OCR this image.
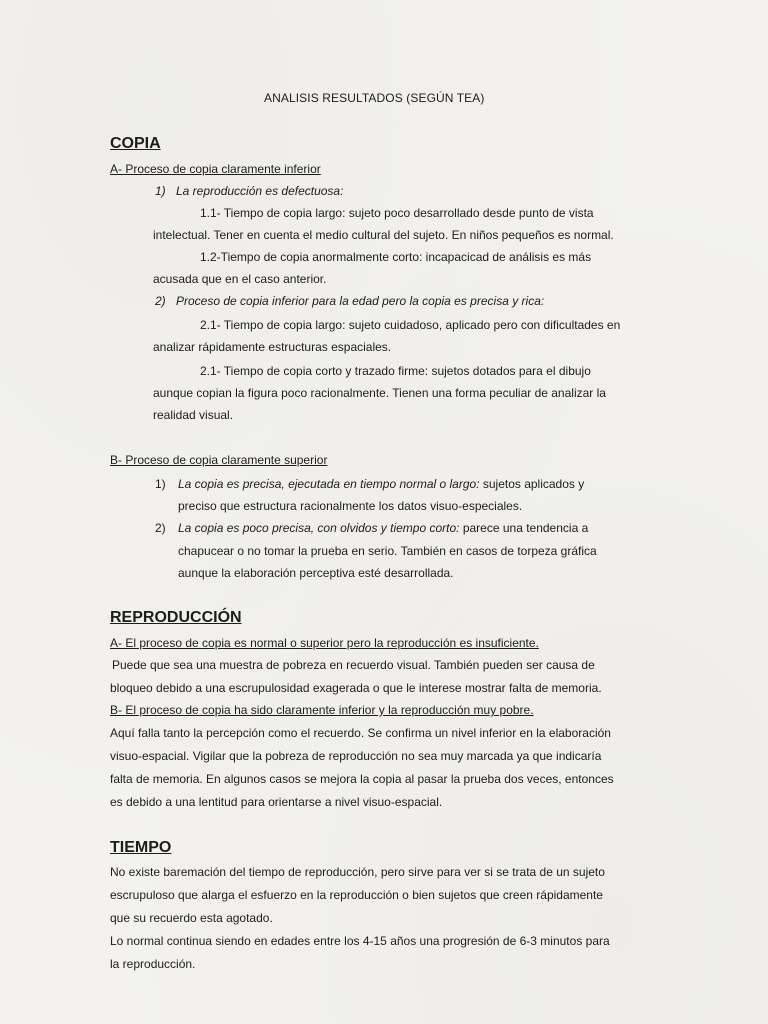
ANALISIS RESULTADOS (SEGÚN TEA)
COPIA
A- Proceso de copia claramente inferior
1) La reproducción es defectuosa:
1.1- Tiempo de copia largo: sujeto poco desarrollado desde punto de vista
intelectual. Tener en cuenta el medio cultural del sujeto. En niños pequeños es normal.
1.2-Tiempo de copia anormalmente corto: incapacicad de análisis es más
acusada que en el caso anterior.
2) Proceso de copia inferior para la edad pero la copia es precisa y rica:
2.1- Tiempo de copia largo: sujeto cuidadoso, aplicado pero con dificultades en
analizar rápidamente estructuras espaciales.
2.1- Tiempo de copia corto y trazado firme: sujetos dotados para el dibujo
aunque copian la figura poco racionalmente. Tienen una forma peculiar de analizar la
realidad visual.
B- Proceso de copia claramente superior
1) La copia es precisa, ejecutada en tiempo normal o largo: sujetos aplicados y
preciso que estructura racionalmente los datos visuo-especiales.
2) La copia es poco precisa, con olvidos y tiempo corto: parece una tendencia a
chapucear o no tomar la prueba en serio. También en casos de torpeza gráfica
aunque la elaboración perceptiva esté desarrollada.
REPRODUCCIÓN
A- El proceso de copia es normal o superior pero la reproducción es insuficiente.
Puede que sea una muestra de pobreza en recuerdo visual. También pueden ser causa de
bloqueo debido a una escrupulosidad exagerada o que le interese mostrar falta de memoria.
B- El proceso de copia ha sido claramente inferior y la reproducción muy pobre.
Aquí falla tanto la percepción como el recuerdo. Se confirma un nivel inferior en la elaboración
visuo-espacial. Vigilar que la pobreza de reproducción no sea muy marcada ya que indicaría
falta de memoria. En algunos casos se mejora la copia al pasar la prueba dos veces, entonces
es debido a una lentitud para orientarse a nivel visuo-espacial.
TIEMPO
No existe baremación del tiempo de reproducción, pero sirve para ver si se trata de un sujeto
escrupuloso que alarga el esfuerzo en la reproducción o bien sujetos que creen rápidamente
que su recuerdo esta agotado.
Lo normal continua siendo en edades entre los 4-15 años una progresión de 6-3 minutos para
la reproducción.
